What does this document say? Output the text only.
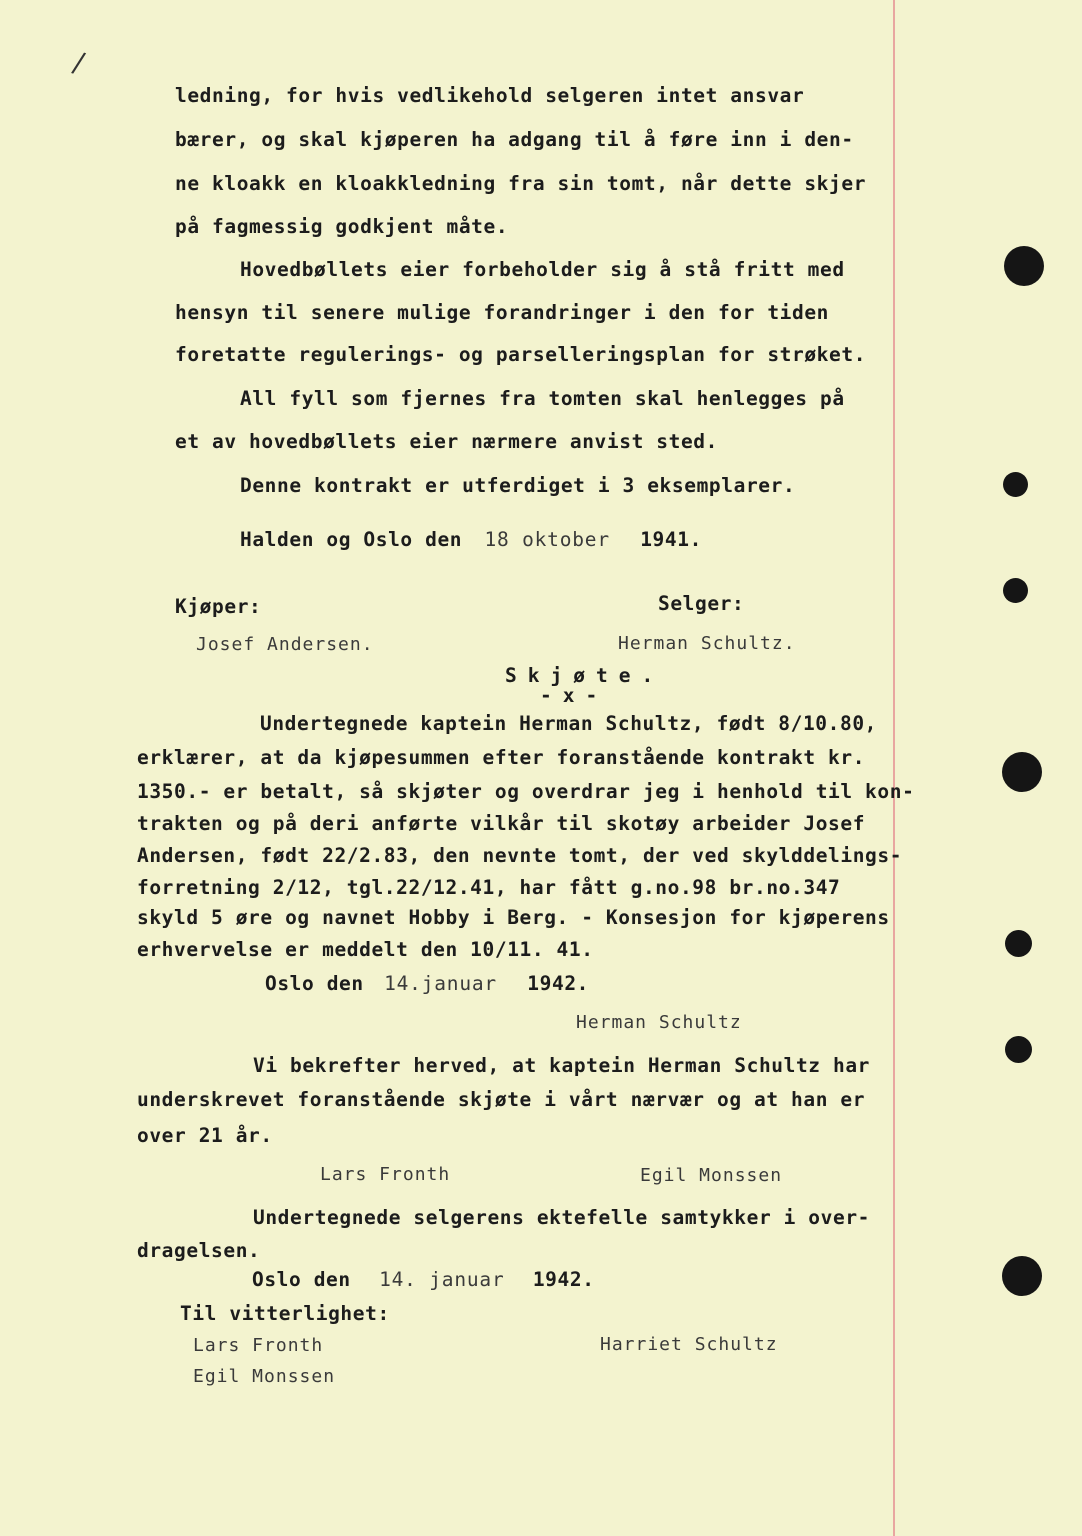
/
ledning, for hvis vedlikehold selgeren intet ansvar
bærer, og skal kjøperen ha adgang til å føre inn i den-
ne kloakk en kloakkledning fra sin tomt, når dette skjer
på fagmessig godkjent måte.
Hovedbøllets eier forbeholder sig å stå fritt med
hensyn til senere mulige forandringer i den for tiden
foretatte regulerings- og parselleringsplan for strøket.
All fyll som fjernes fra tomten skal henlegges på
et av hovedbøllets eier nærmere anvist sted.
Denne kontrakt er utferdiget i 3 eksemplarer.
Halden og Oslo den 18 oktober 1941.
Kjøper:	Selger:
Josef Andersen.	Herman Schultz.
Skjøte.
-x-
Undertegnede kaptein Herman Schultz, født 8/10.80,
erklærer, at da kjøpesummen efter foranstående kontrakt kr.
1350.- er betalt, så skjøter og overdrar jeg i henhold til kon-
trakten og på deri anførte vilkår til skotøy arbeider Josef
Andersen, født 22/2.83, den nevnte tomt, der ved skylddelings-
forretning 2/12, tgl.22/12.41, har fått g.no.98 br.no.347
skyld 5 øre og navnet Hobby i Berg. - Konsesjon for kjøperens
erhvervelse er meddelt den 10/11. 41.
Oslo den 14.januar 1942.
Herman Schultz
Vi bekrefter herved, at kaptein Herman Schultz har
underskrevet foranstående skjøte i vårt nærvær og at han er
over 21 år.
Lars Fronth	Egil Monssen
Undertegnede selgerens ektefelle samtykker i over-
dragelsen.
Oslo den 14. januar 1942.
Til vitterlighet:
Lars Fronth
Egil Monssen
Harriet Schultz
